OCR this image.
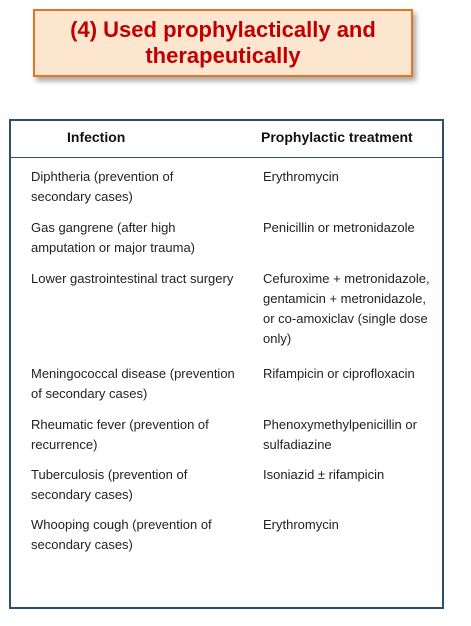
(4) Used prophylactically and
therapeutically
Infection	Prophylactic treatment
Diphtheria (prevention of
secondary cases)
Erythromycin
Gas gangrene (after high
amputation or major trauma)
Penicillin or metronidazole
Lower gastrointestinal tract surgery	Cefuroxime + metronidazole,
gentamicin + metronidazole,
or co-amoxiclav (single dose
only)
Meningococcal disease (prevention
of secondary cases)
Rifampicin or ciprofloxacin
Rheumatic fever (prevention of
recurrence)
Phenoxymethylpenicillin or
sulfadiazine
Tuberculosis (prevention of
secondary cases)
Isoniazid ± rifampicin
Whooping cough (prevention of
secondary cases)
Erythromycin
